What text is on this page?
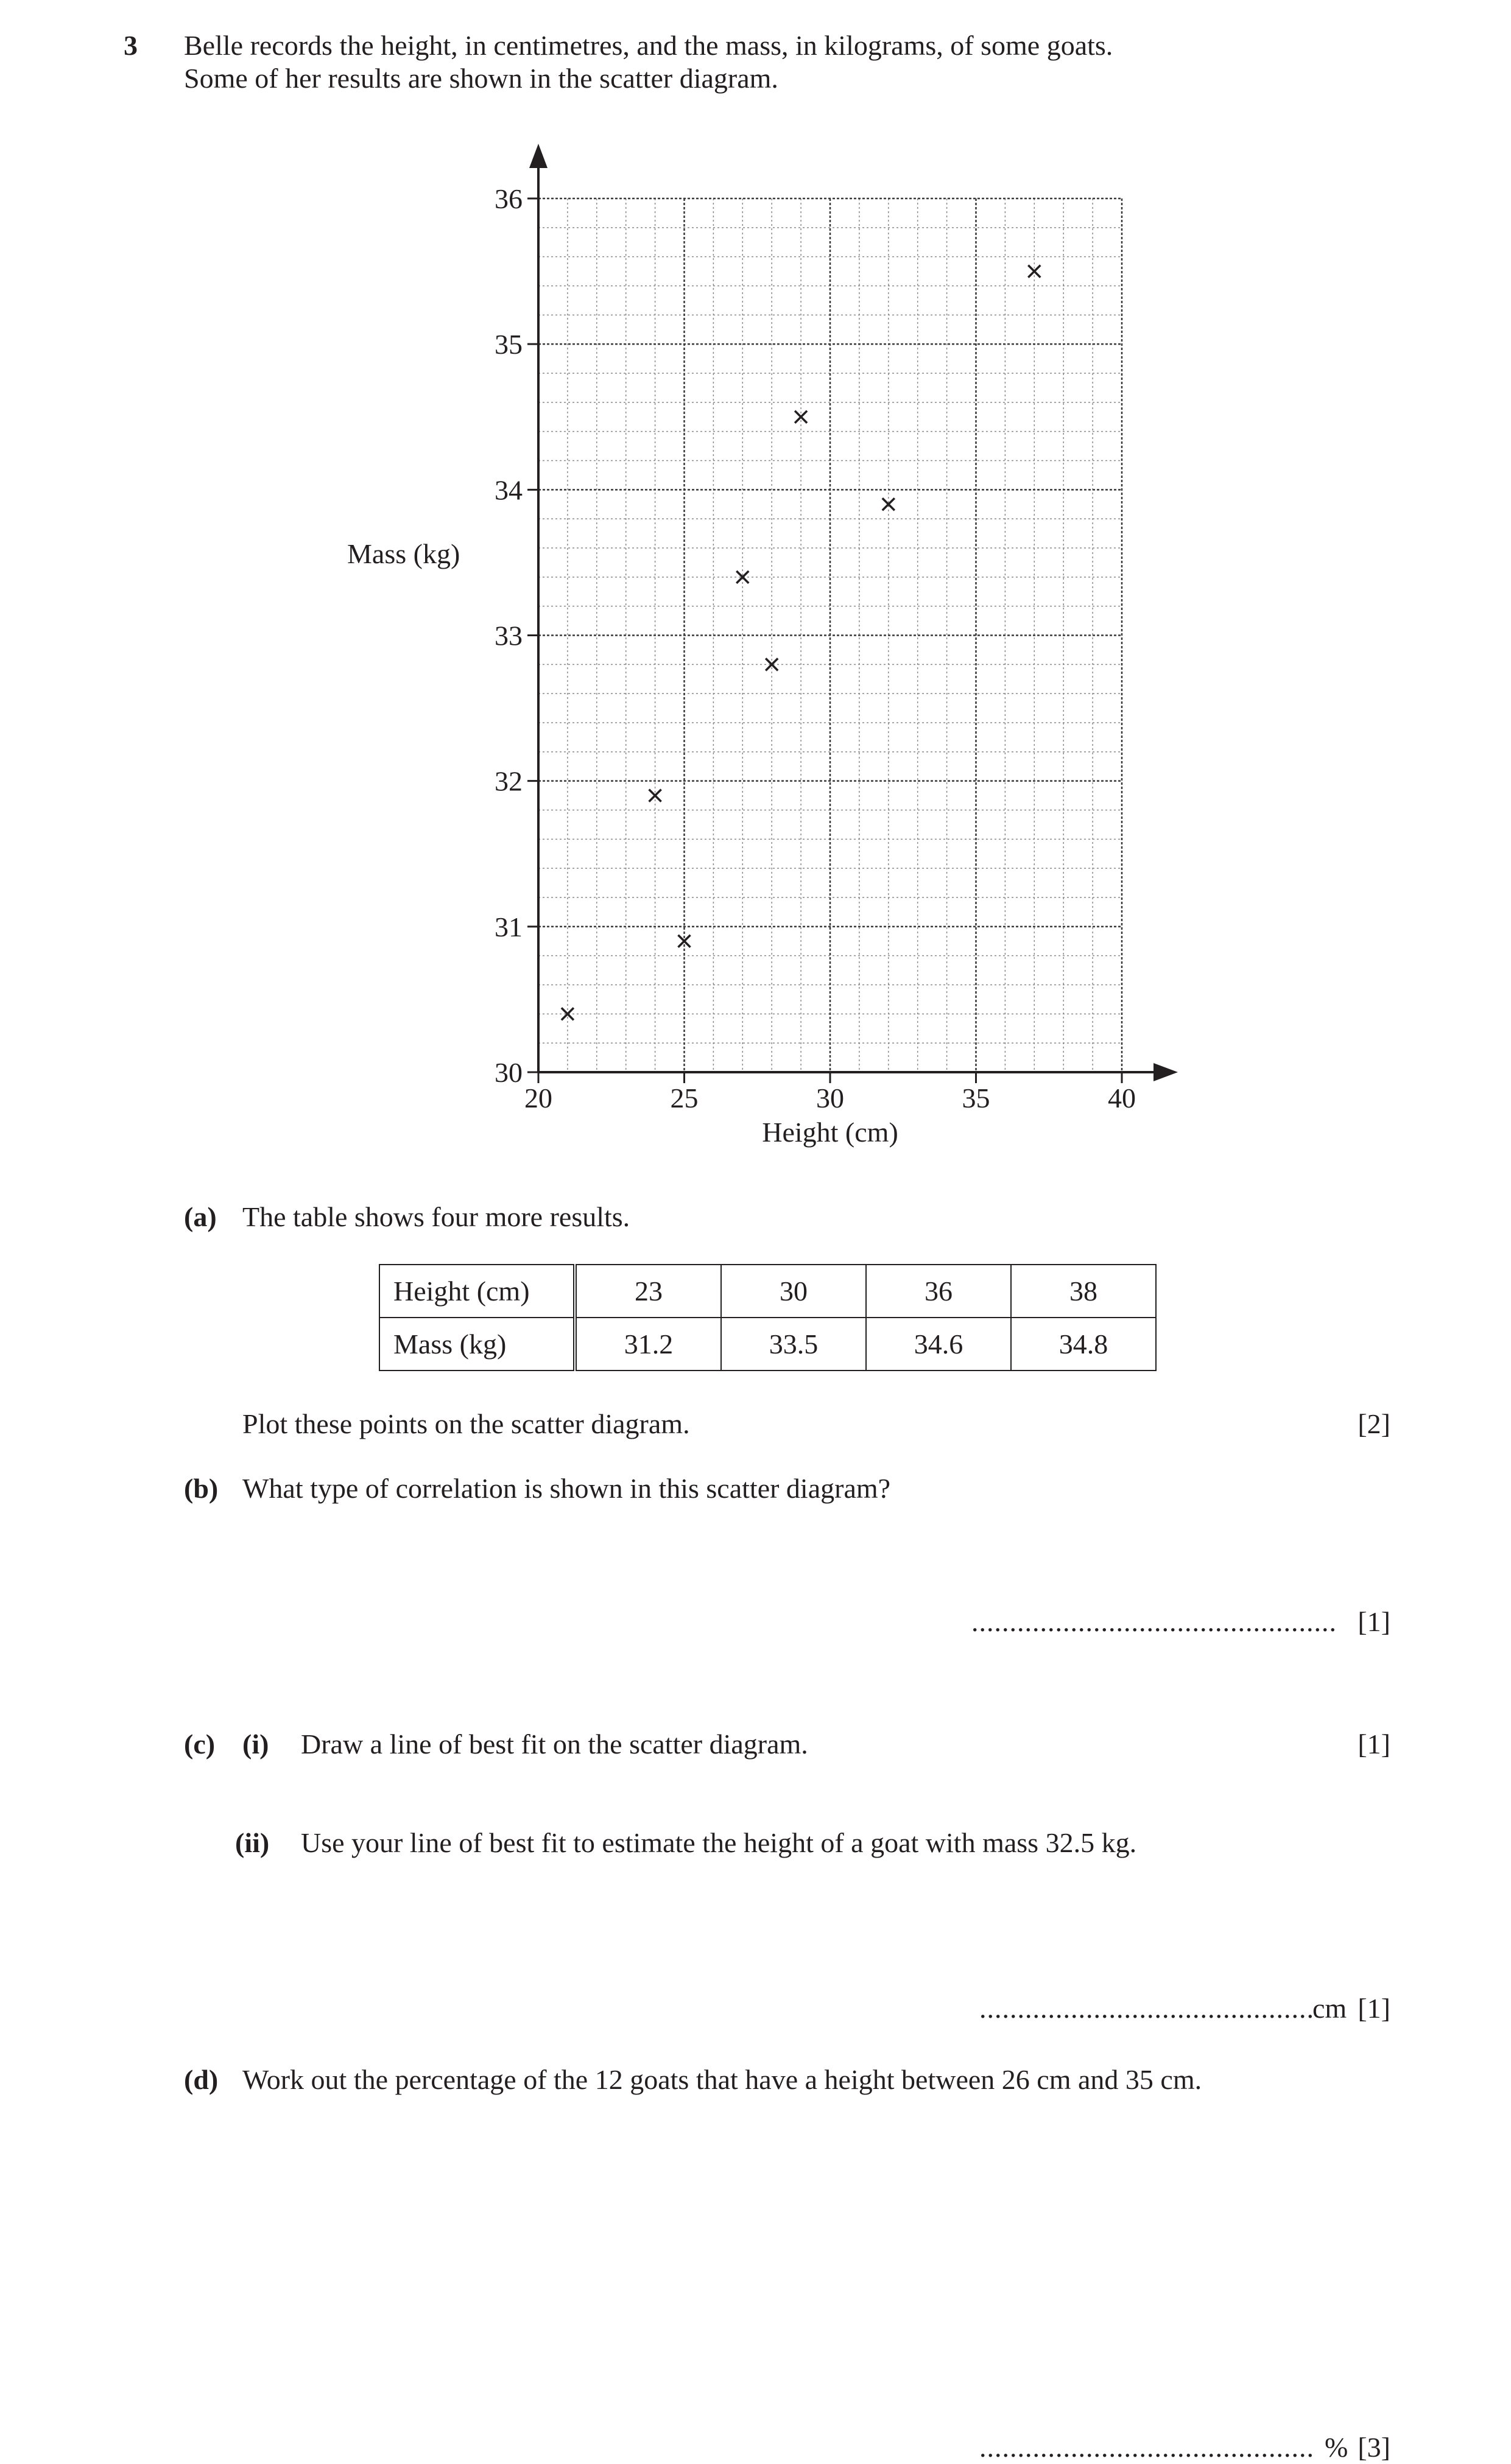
3 Belle records the height, in centimetres, and the mass, in kilograms, of some goats.
Some of her results are shown in the scatter diagram.
30
31
32
33
34
35
36
20	25	30	35	40
Mass (kg)
Height (cm)
(a) The table shows four more results.
Height (cm)	23	30	36	38
Mass (kg)	31.2	33.5	34.6	34.8
Plot these points on the scatter diagram.	[2]
(b) What type of correlation is shown in this scatter diagram?
................................................ [1]
(c) (i) Draw a line of best fit on the scatter diagram.	[1]
(ii) Use your line of best fit to estimate the height of a goat with mass 32.5 kg.
............................................
cm [1]
(d) Work out the percentage of the 12 goats that have a height between 26 cm and 35 cm.
............................................ % [3]
